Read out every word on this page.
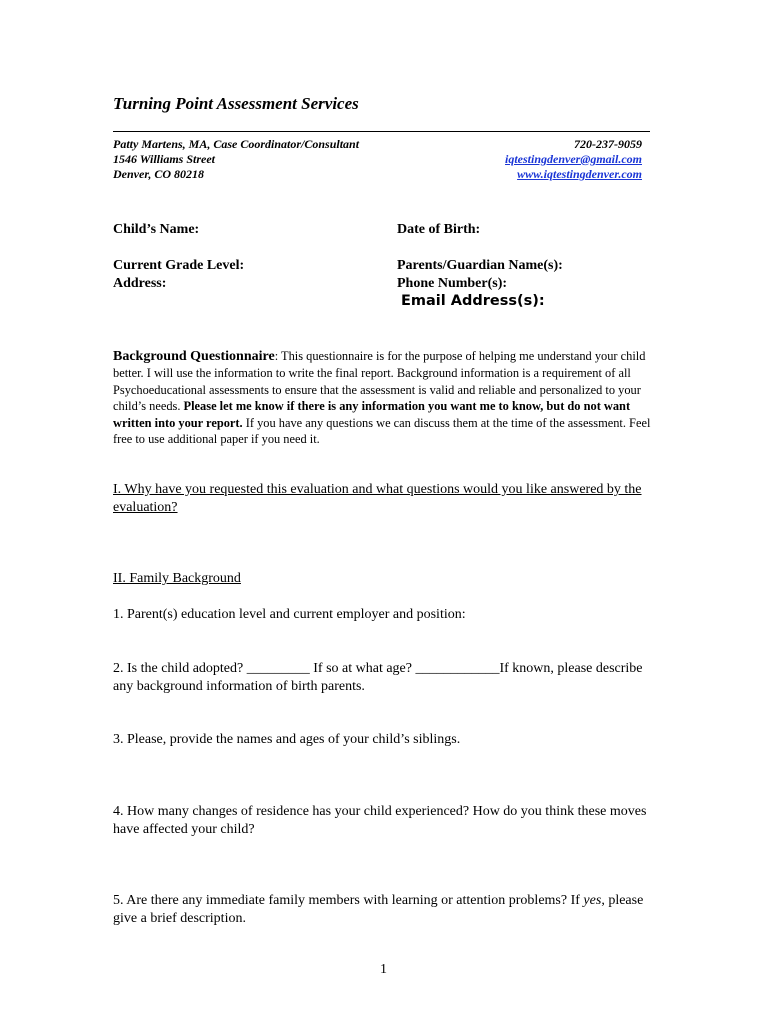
Turning Point Assessment Services
Patty Martens, MA, Case Coordinator/Consultant
1546 Williams Street
Denver, CO 80218
720-237-9059
iqtestingdenver@gmail.com
www.iqtestingdenver.com
Child’s Name:	Date of Birth:
Current Grade Level:
Address:
Parents/Guardian Name(s):
Phone Number(s):
Email Address(s):
Background Questionnaire: This questionnaire is for the purpose of helping me understand your child better. I will use the information to write the final report. Background information is a requirement of all Psychoeducational assessments to ensure that the assessment is valid and reliable and personalized to your child’s needs. Please let me know if there is any information you want me to know, but do not want written into your report. If you have any questions we can discuss them at the time of the assessment. Feel free to use additional paper if you need it.
I. Why have you requested this evaluation and what questions would you like answered by the evaluation?
II. Family Background
1. Parent(s) education level and current employer and position:
2. Is the child adopted? _________ If so at what age? ____________If known, please describe any background information of birth parents.
3. Please, provide the names and ages of your child’s siblings.
4. How many changes of residence has your child experienced? How do you think these moves have affected your child?
5. Are there any immediate family members with learning or attention problems? If yes, please give a brief description.
1
